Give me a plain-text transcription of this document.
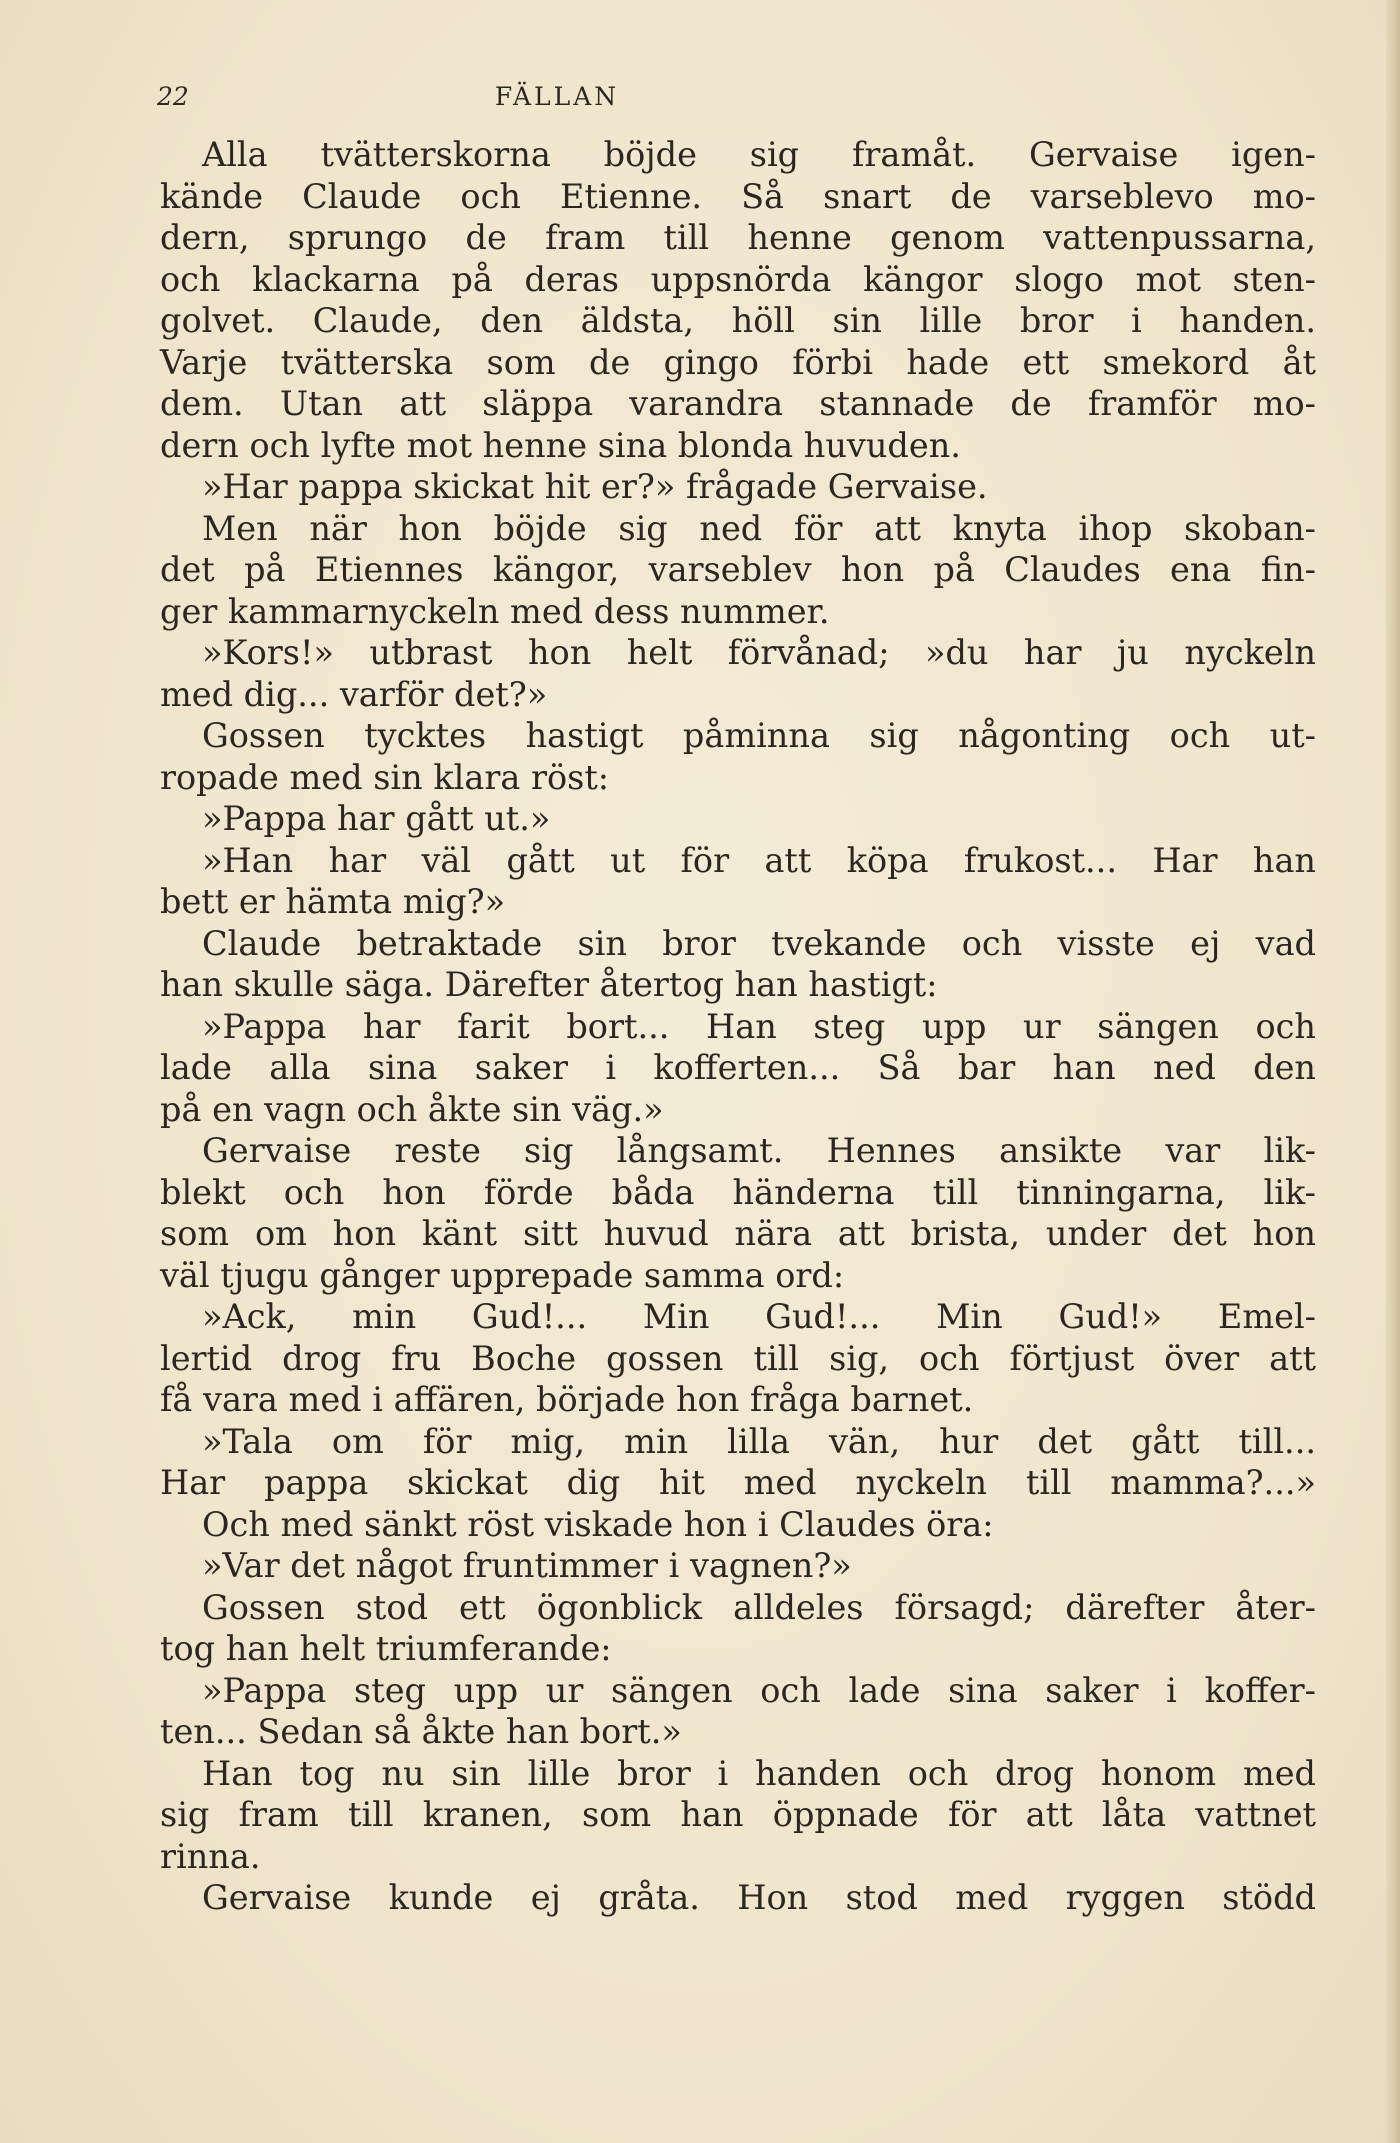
22	FÄLLAN
Alla tvätterskorna böjde sig framåt. Gervaise igen-
kände Claude och Etienne. Så snart de varseblevo mo-
dern, sprungo de fram till henne genom vattenpussarna,
och klackarna på deras uppsnörda kängor slogo mot sten-
golvet. Claude, den äldsta, höll sin lille bror i handen.
Varje tvätterska som de gingo förbi hade ett smekord åt
dem. Utan att släppa varandra stannade de framför mo-
dern och lyfte mot henne sina blonda huvuden.
»Har pappa skickat hit er?» frågade Gervaise.
Men när hon böjde sig ned för att knyta ihop skoban-
det på Etiennes kängor, varseblev hon på Claudes ena fin-
ger kammarnyckeln med dess nummer.
»Kors!» utbrast hon helt förvånad; »du har ju nyckeln
med dig... varför det?»
Gossen tycktes hastigt påminna sig någonting och ut-
ropade med sin klara röst:
»Pappa har gått ut.»
»Han har väl gått ut för att köpa frukost... Har han
bett er hämta mig?»
Claude betraktade sin bror tvekande och visste ej vad
han skulle säga. Därefter återtog han hastigt:
»Pappa har farit bort... Han steg upp ur sängen och
lade alla sina saker i kofferten... Så bar han ned den
på en vagn och åkte sin väg.»
Gervaise reste sig långsamt. Hennes ansikte var lik-
blekt och hon förde båda händerna till tinningarna, lik-
som om hon känt sitt huvud nära att brista, under det hon
väl tjugu gånger upprepade samma ord:
»Ack, min Gud!... Min Gud!... Min Gud!» Emel-
lertid drog fru Boche gossen till sig, och förtjust över att
få vara med i affären, började hon fråga barnet.
»Tala om för mig, min lilla vän, hur det gått till...
Har pappa skickat dig hit med nyckeln till mamma?...»
Och med sänkt röst viskade hon i Claudes öra:
»Var det något fruntimmer i vagnen?»
Gossen stod ett ögonblick alldeles försagd; därefter åter-
tog han helt triumferande:
»Pappa steg upp ur sängen och lade sina saker i koffer-
ten... Sedan så åkte han bort.»
Han tog nu sin lille bror i handen och drog honom med
sig fram till kranen, som han öppnade för att låta vattnet
rinna.
Gervaise kunde ej gråta. Hon stod med ryggen stödd
